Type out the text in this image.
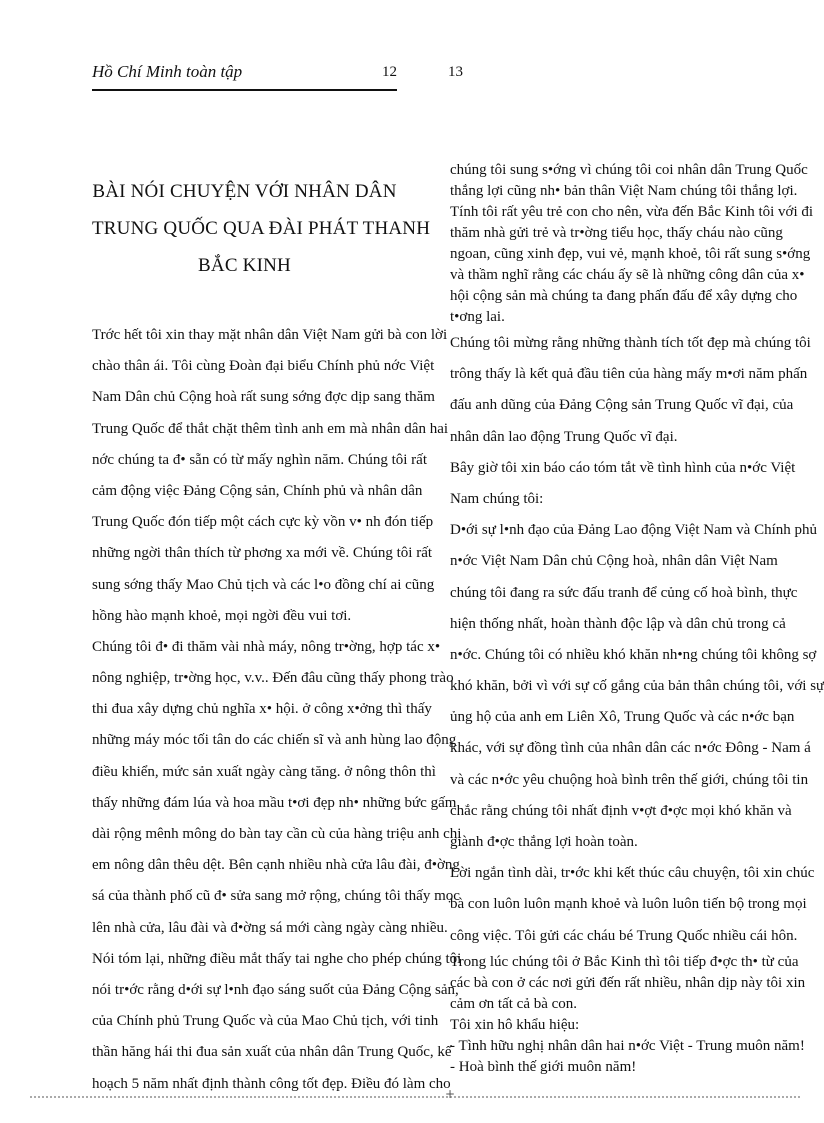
Hồ Chí Minh toàn tập	12	13
BÀI NÓI CHUYỆN VỚI NHÂN DÂN
TRUNG QUỐC QUA ĐÀI PHÁT THANH
BẮC KINH
Trớc hết tôi xin thay mặt nhân dân Việt Nam gửi bà con lời
chào thân ái. Tôi cùng Đoàn đại biểu Chính phủ nớc Việt
Nam Dân chủ Cộng hoà rất sung sớng đợc dịp sang thăm
Trung Quốc để thắt chặt thêm tình anh em mà nhân dân hai
nớc chúng ta đ• sẵn có từ mấy nghìn năm. Chúng tôi rất
cảm động việc Đảng Cộng sản, Chính phủ và nhân dân
Trung Quốc đón tiếp một cách cực kỳ vồn v• nh đón tiếp
những ngời thân thích từ phơng xa mới về. Chúng tôi rất
sung sớng thấy Mao Chủ tịch và các l•o đồng chí ai cũng
hồng hào mạnh khoẻ, mọi ngời đều vui tơi.
Chúng tôi đ• đi thăm vài nhà máy, nông tr•ờng, hợp tác x•
nông nghiệp, tr•ờng học, v.v.. Đến đâu cũng thấy phong trào
thi đua xây dựng chủ nghĩa x• hội. ở công x•ởng thì thấy
những máy móc tối tân do các chiến sĩ và anh hùng lao động
điều khiển, mức sản xuất ngày càng tăng. ở nông thôn thì
thấy những đám lúa và hoa mầu t•ơi đẹp nh• những bức gấm
dài rộng mênh mông do bàn tay cần cù của hàng triệu anh chị
em nông dân thêu dệt. Bên cạnh nhiều nhà cửa lâu đài, đ•ờng
sá của thành phố cũ đ• sửa sang mở rộng, chúng tôi thấy mọc
lên nhà cửa, lâu đài và đ•ờng sá mới càng ngày càng nhiều.
Nói tóm lại, những điều mắt thấy tai nghe cho phép chúng tôi
nói tr•ớc rằng d•ới sự l•nh đạo sáng suốt của Đảng Cộng sản,
của Chính phủ Trung Quốc và của Mao Chủ tịch, với tinh
thần hăng hái thi đua sản xuất của nhân dân Trung Quốc, kế
hoạch 5 năm nhất định thành công tốt đẹp. Điều đó làm cho
chúng tôi sung s•ớng vì chúng tôi coi nhân dân Trung Quốc
thắng lợi cũng nh• bản thân Việt Nam chúng tôi thắng lợi.
Tính tôi rất yêu trẻ con cho nên, vừa đến Bắc Kinh tôi với đi
thăm nhà gửi trẻ và tr•ờng tiểu học, thấy cháu nào cũng
ngoan, cũng xinh đẹp, vui vẻ, mạnh khoẻ, tôi rất sung s•ớng
và thầm nghĩ rằng các cháu ấy sẽ là những công dân của x•
hội cộng sản mà chúng ta đang phấn đấu để xây dựng cho
t•ơng lai.
Chúng tôi mừng rằng những thành tích tốt đẹp mà chúng tôi
trông thấy là kết quả đầu tiên của hàng mấy m•ơi năm phấn
đấu anh dũng của Đảng Cộng sản Trung Quốc vĩ đại, của
nhân dân lao động Trung Quốc vĩ đại.
Bây giờ tôi xin báo cáo tóm tắt về tình hình của n•ớc Việt
Nam chúng tôi:
D•ới sự l•nh đạo của Đảng Lao động Việt Nam và Chính phủ
n•ớc Việt Nam Dân chủ Cộng hoà, nhân dân Việt Nam
chúng tôi đang ra sức đấu tranh để củng cố hoà bình, thực
hiện thống nhất, hoàn thành độc lập và dân chủ trong cả
n•ớc. Chúng tôi có nhiều khó khăn nh•ng chúng tôi không sợ
khó khăn, bởi vì với sự cố gắng của bản thân chúng tôi, với sự
ủng hộ của anh em Liên Xô, Trung Quốc và các n•ớc bạn
khác, với sự đồng tình của nhân dân các n•ớc Đông - Nam á
và các n•ớc yêu chuộng hoà bình trên thế giới, chúng tôi tin
chắc rằng chúng tôi nhất định v•ợt đ•ợc mọi khó khăn và
giành đ•ợc thắng lợi hoàn toàn.
Lời ngắn tình dài, tr•ớc khi kết thúc câu chuyện, tôi xin chúc
bà con luôn luôn mạnh khoẻ và luôn luôn tiến bộ trong mọi
công việc. Tôi gửi các cháu bé Trung Quốc nhiều cái hôn.
Trong lúc chúng tôi ở Bắc Kinh thì tôi tiếp đ•ợc th• từ của
các bà con ở các nơi gửi đến rất nhiều, nhân dịp này tôi xin
cảm ơn tất cả bà con.
Tôi xin hô khẩu hiệu:
- Tình hữu nghị nhân dân hai n•ớc Việt - Trung muôn năm!
- Hoà bình thế giới muôn năm!
+
